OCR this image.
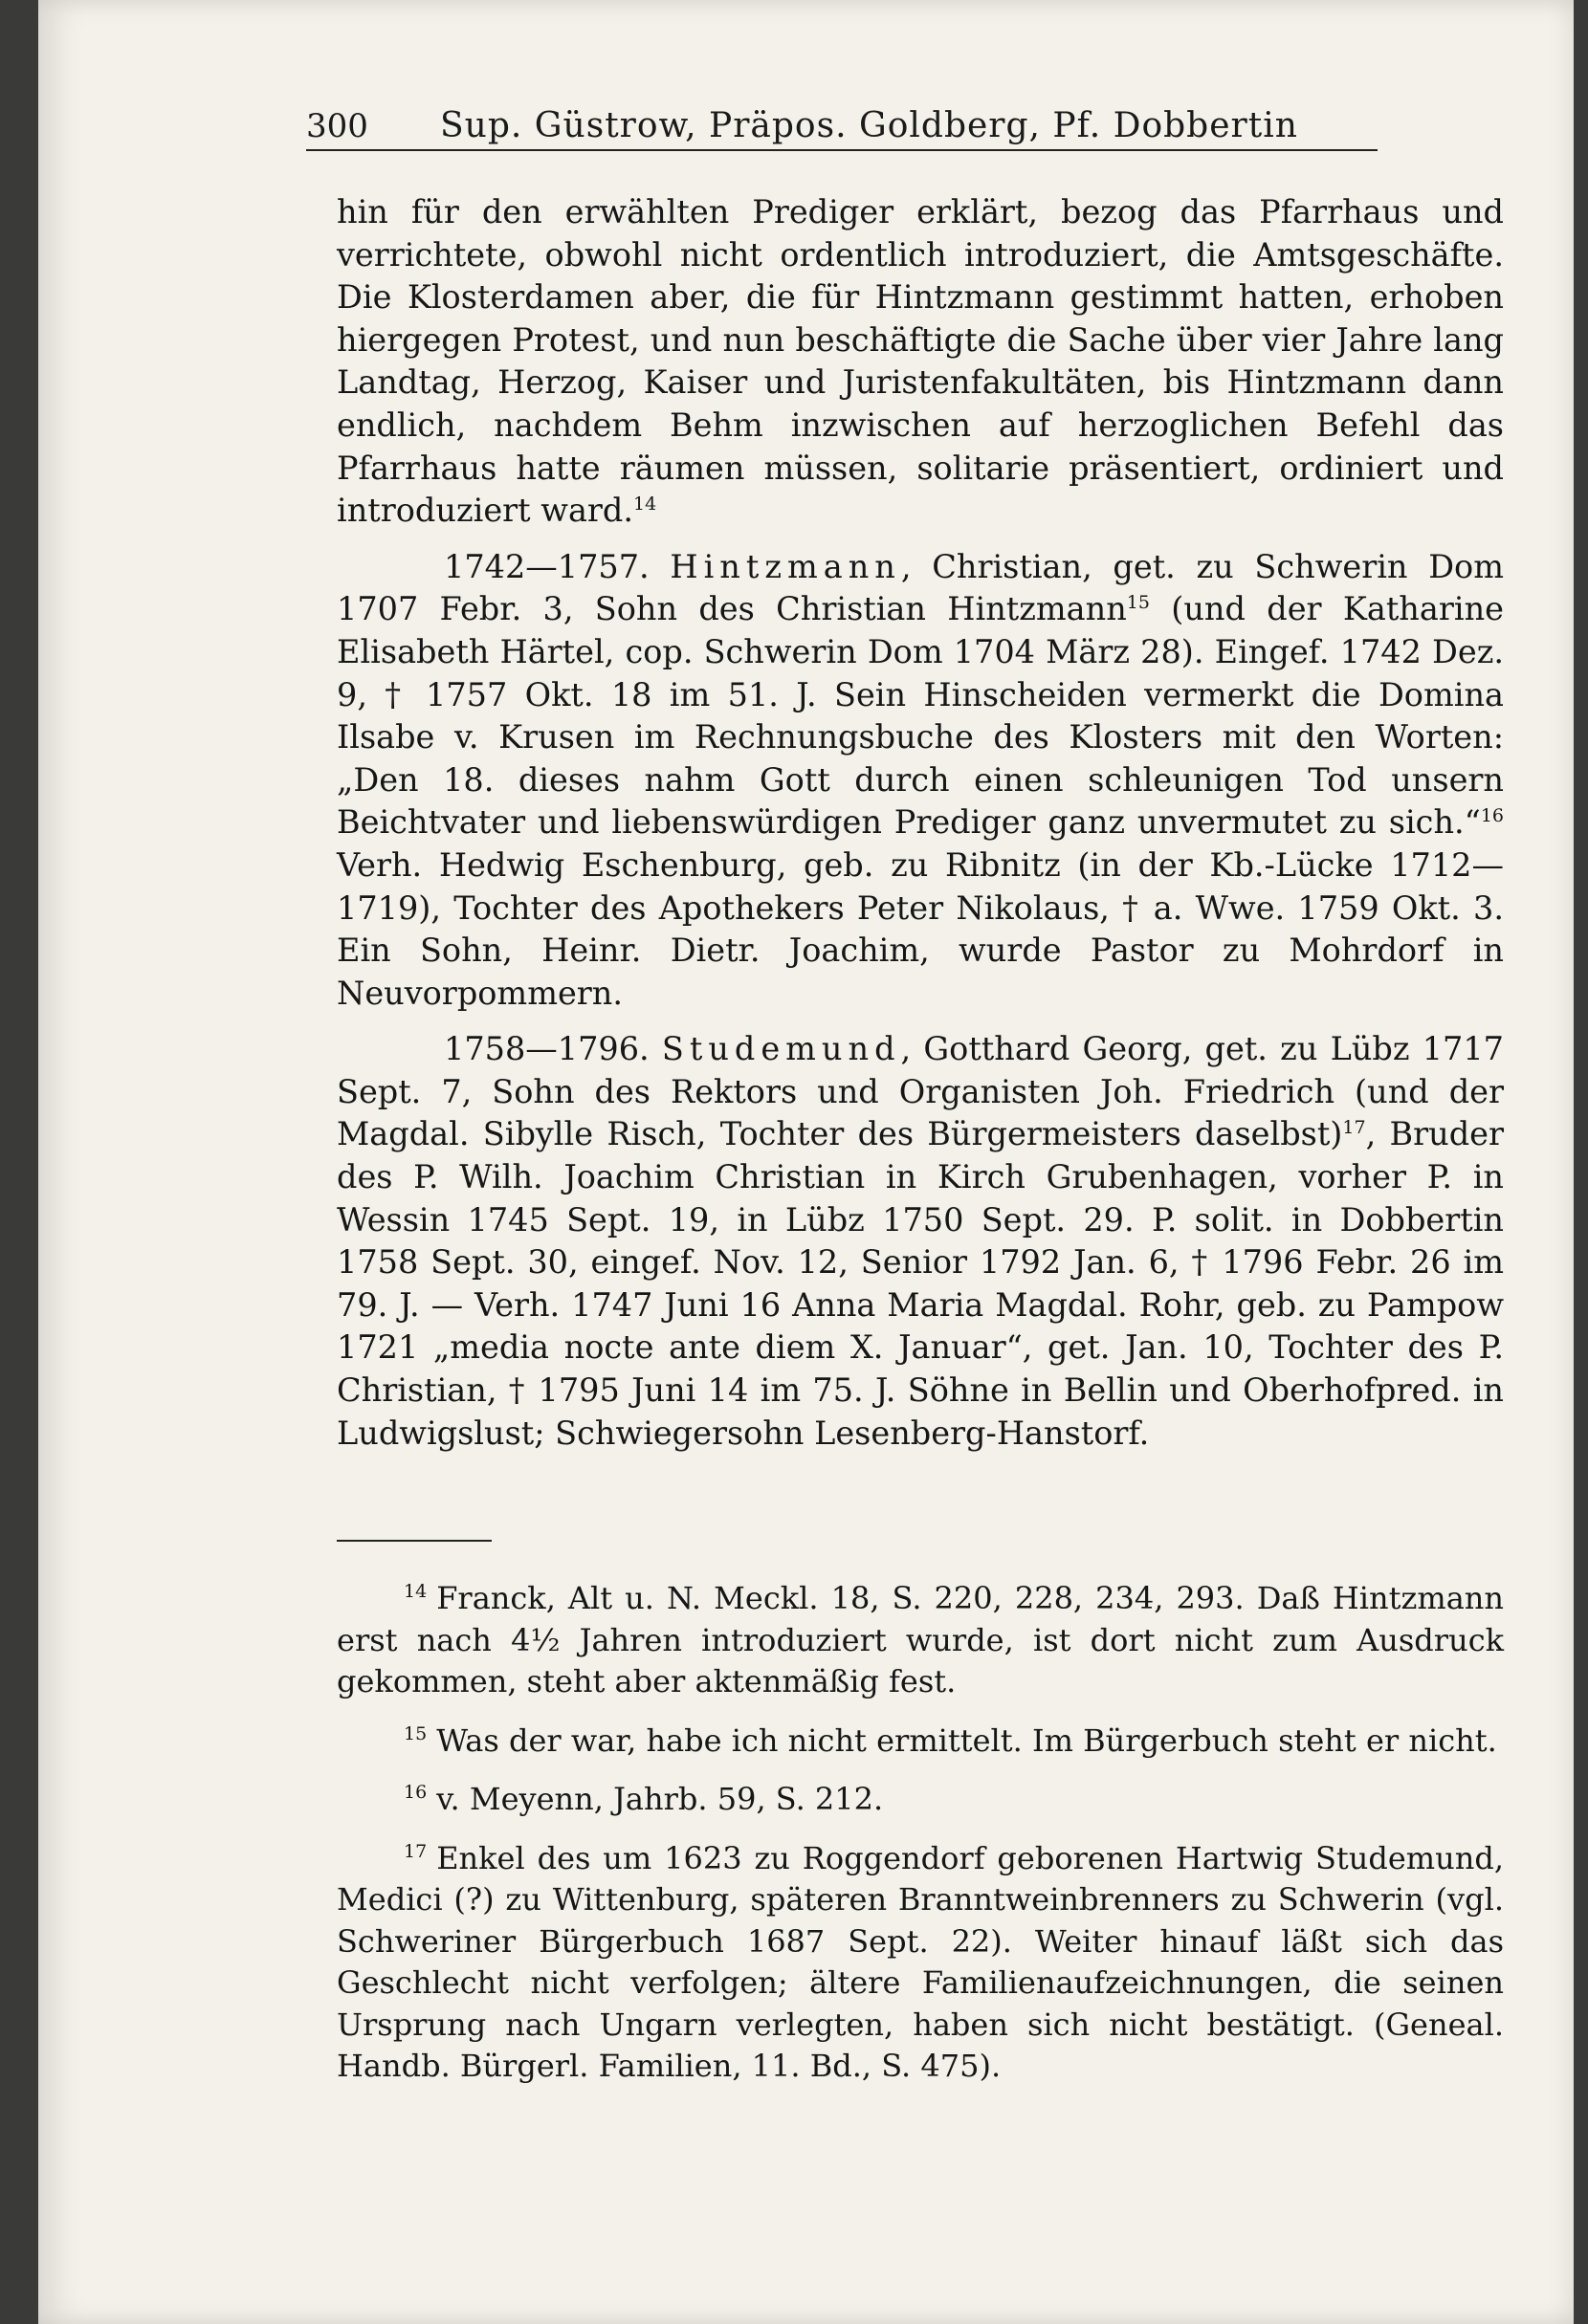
300	Sup. Güstrow, Präpos. Goldberg, Pf. Dobbertin

hin für den erwählten Prediger erklärt, bezog das Pfarrhaus und verrichtete, obwohl nicht ordentlich introduziert, die Amtsgeschäfte. Die Klosterdamen aber, die für Hintzmann gestimmt hatten, erhoben hiergegen Protest, und nun beschäftigte die Sache über vier Jahre lang Landtag, Herzog, Kaiser und Juristenfakultäten, bis Hintzmann dann endlich, nachdem Behm inzwischen auf herzoglichen Befehl das Pfarrhaus hatte räumen müssen, solitarie präsentiert, ordiniert und introduziert ward.$^{14}$

1742—1757. Hintzmann, Christian, get. zu Schwerin Dom 1707 Febr. 3, Sohn des Christian Hintzmann$^{15}$ (und der Katharine Elisabeth Härtel, cop. Schwerin Dom 1704 März 28). Eingef. 1742 Dez. 9, † 1757 Okt. 18 im 51. J. Sein Hinscheiden vermerkt die Domina Ilsabe v. Krusen im Rechnungsbuche des Klosters mit den Worten: „Den 18. dieses nahm Gott durch einen schleunigen Tod unsern Beichtvater und liebenswürdigen Prediger ganz unvermutet zu sich.“$^{16}$ Verh. Hedwig Eschenburg, geb. zu Ribnitz (in der Kb.-Lücke 1712—1719), Tochter des Apothekers Peter Nikolaus, † a. Wwe. 1759 Okt. 3. Ein Sohn, Heinr. Dietr. Joachim, wurde Pastor zu Mohrdorf in Neuvorpommern.

1758—1796. Studemund, Gotthard Georg, get. zu Lübz 1717 Sept. 7, Sohn des Rektors und Organisten Joh. Friedrich (und der Magdal. Sibylle Risch, Tochter des Bürgermeisters daselbst)$^{17}$, Bruder des P. Wilh. Joachim Christian in Kirch Grubenhagen, vorher P. in Wessin 1745 Sept. 19, in Lübz 1750 Sept. 29. P. solit. in Dobbertin 1758 Sept. 30, eingef. Nov. 12, Senior 1792 Jan. 6, † 1796 Febr. 26 im 79. J. — Verh. 1747 Juni 16 Anna Maria Magdal. Rohr, geb. zu Pampow 1721 „media nocte ante diem X. Januar“, get. Jan. 10, Tochter des P. Christian, † 1795 Juni 14 im 75. J. Söhne in Bellin und Oberhofpred. in Ludwigslust; Schwiegersohn Lesenberg-Hanstorf.

$^{14}$ Franck, Alt u. N. Meckl. 18, S. 220, 228, 234, 293. Daß Hintzmann erst nach 4½ Jahren introduziert wurde, ist dort nicht zum Ausdruck gekommen, steht aber aktenmäßig fest.

$^{15}$ Was der war, habe ich nicht ermittelt. Im Bürgerbuch steht er nicht.

$^{16}$ v. Meyenn, Jahrb. 59, S. 212.

$^{17}$ Enkel des um 1623 zu Roggendorf geborenen Hartwig Studemund, Medici (?) zu Wittenburg, späteren Branntweinbrenners zu Schwerin (vgl. Schweriner Bürgerbuch 1687 Sept. 22). Weiter hinauf läßt sich das Geschlecht nicht verfolgen; ältere Familienaufzeichnungen, die seinen Ursprung nach Ungarn verlegten, haben sich nicht bestätigt. (Geneal. Handb. Bürgerl. Familien, 11. Bd., S. 475).
